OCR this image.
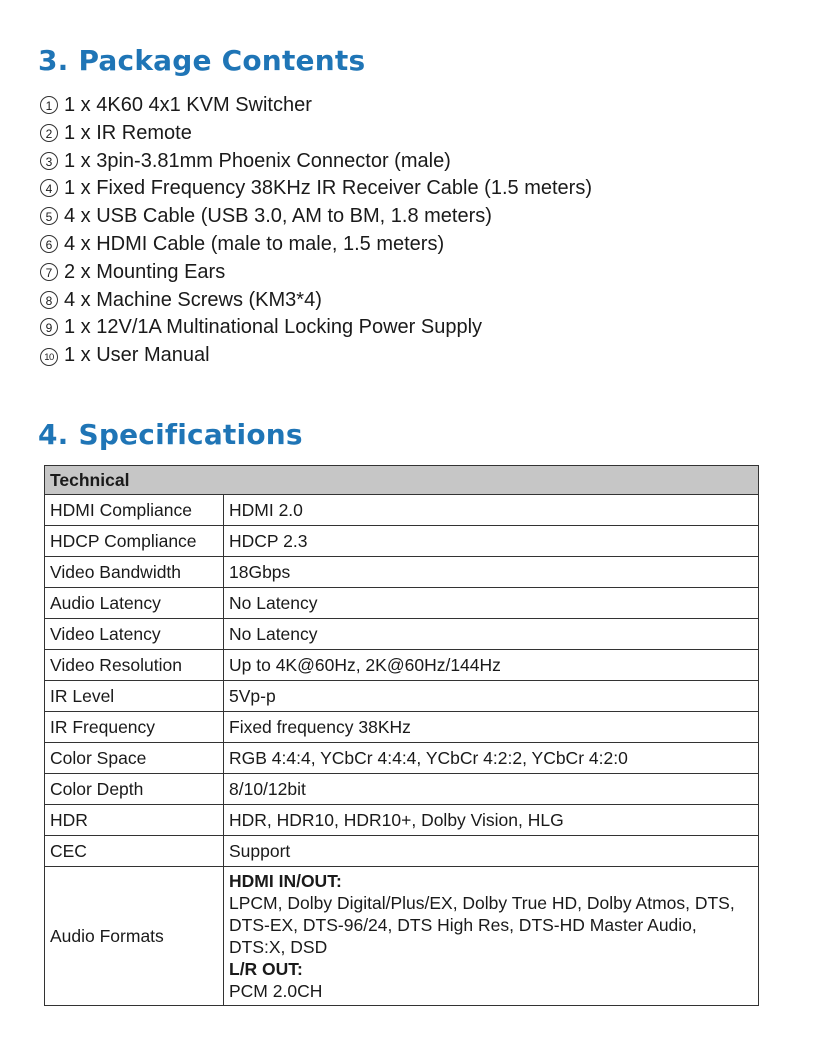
3. Package Contents
1 1 x 4K60 4x1 KVM Switcher
2 1 x IR Remote
3 1 x 3pin-3.81mm Phoenix Connector (male)
4 1 x Fixed Frequency 38KHz IR Receiver Cable (1.5 meters)
5 4 x USB Cable (USB 3.0, AM to BM, 1.8 meters)
6 4 x HDMI Cable (male to male, 1.5 meters)
7 2 x Mounting Ears
8 4 x Machine Screws (KM3*4)
9 1 x 12V/1A Multinational Locking Power Supply
10 1 x User Manual
4. Specifications
Technical	
HDMI Compliance	HDMI 2.0
HDCP Compliance	HDCP 2.3
Video Bandwidth	18Gbps
Audio Latency	No Latency
Video Latency	No Latency
Video Resolution	Up to 4K@60Hz, 2K@60Hz/144Hz
IR Level	5Vp-p
IR Frequency	Fixed frequency 38KHz
Color Space	RGB 4:4:4, YCbCr 4:4:4, YCbCr 4:2:2, YCbCr 4:2:0
Color Depth	8/10/12bit
HDR	HDR, HDR10, HDR10+, Dolby Vision, HLG
CEC	Support
Audio Formats	HDMI IN/OUT:
LPCM, Dolby Digital/Plus/EX, Dolby True HD, Dolby Atmos, DTS, DTS-EX, DTS-96/24, DTS High Res, DTS-HD Master Audio, DTS:X, DSD
L/R OUT:
PCM 2.0CH
